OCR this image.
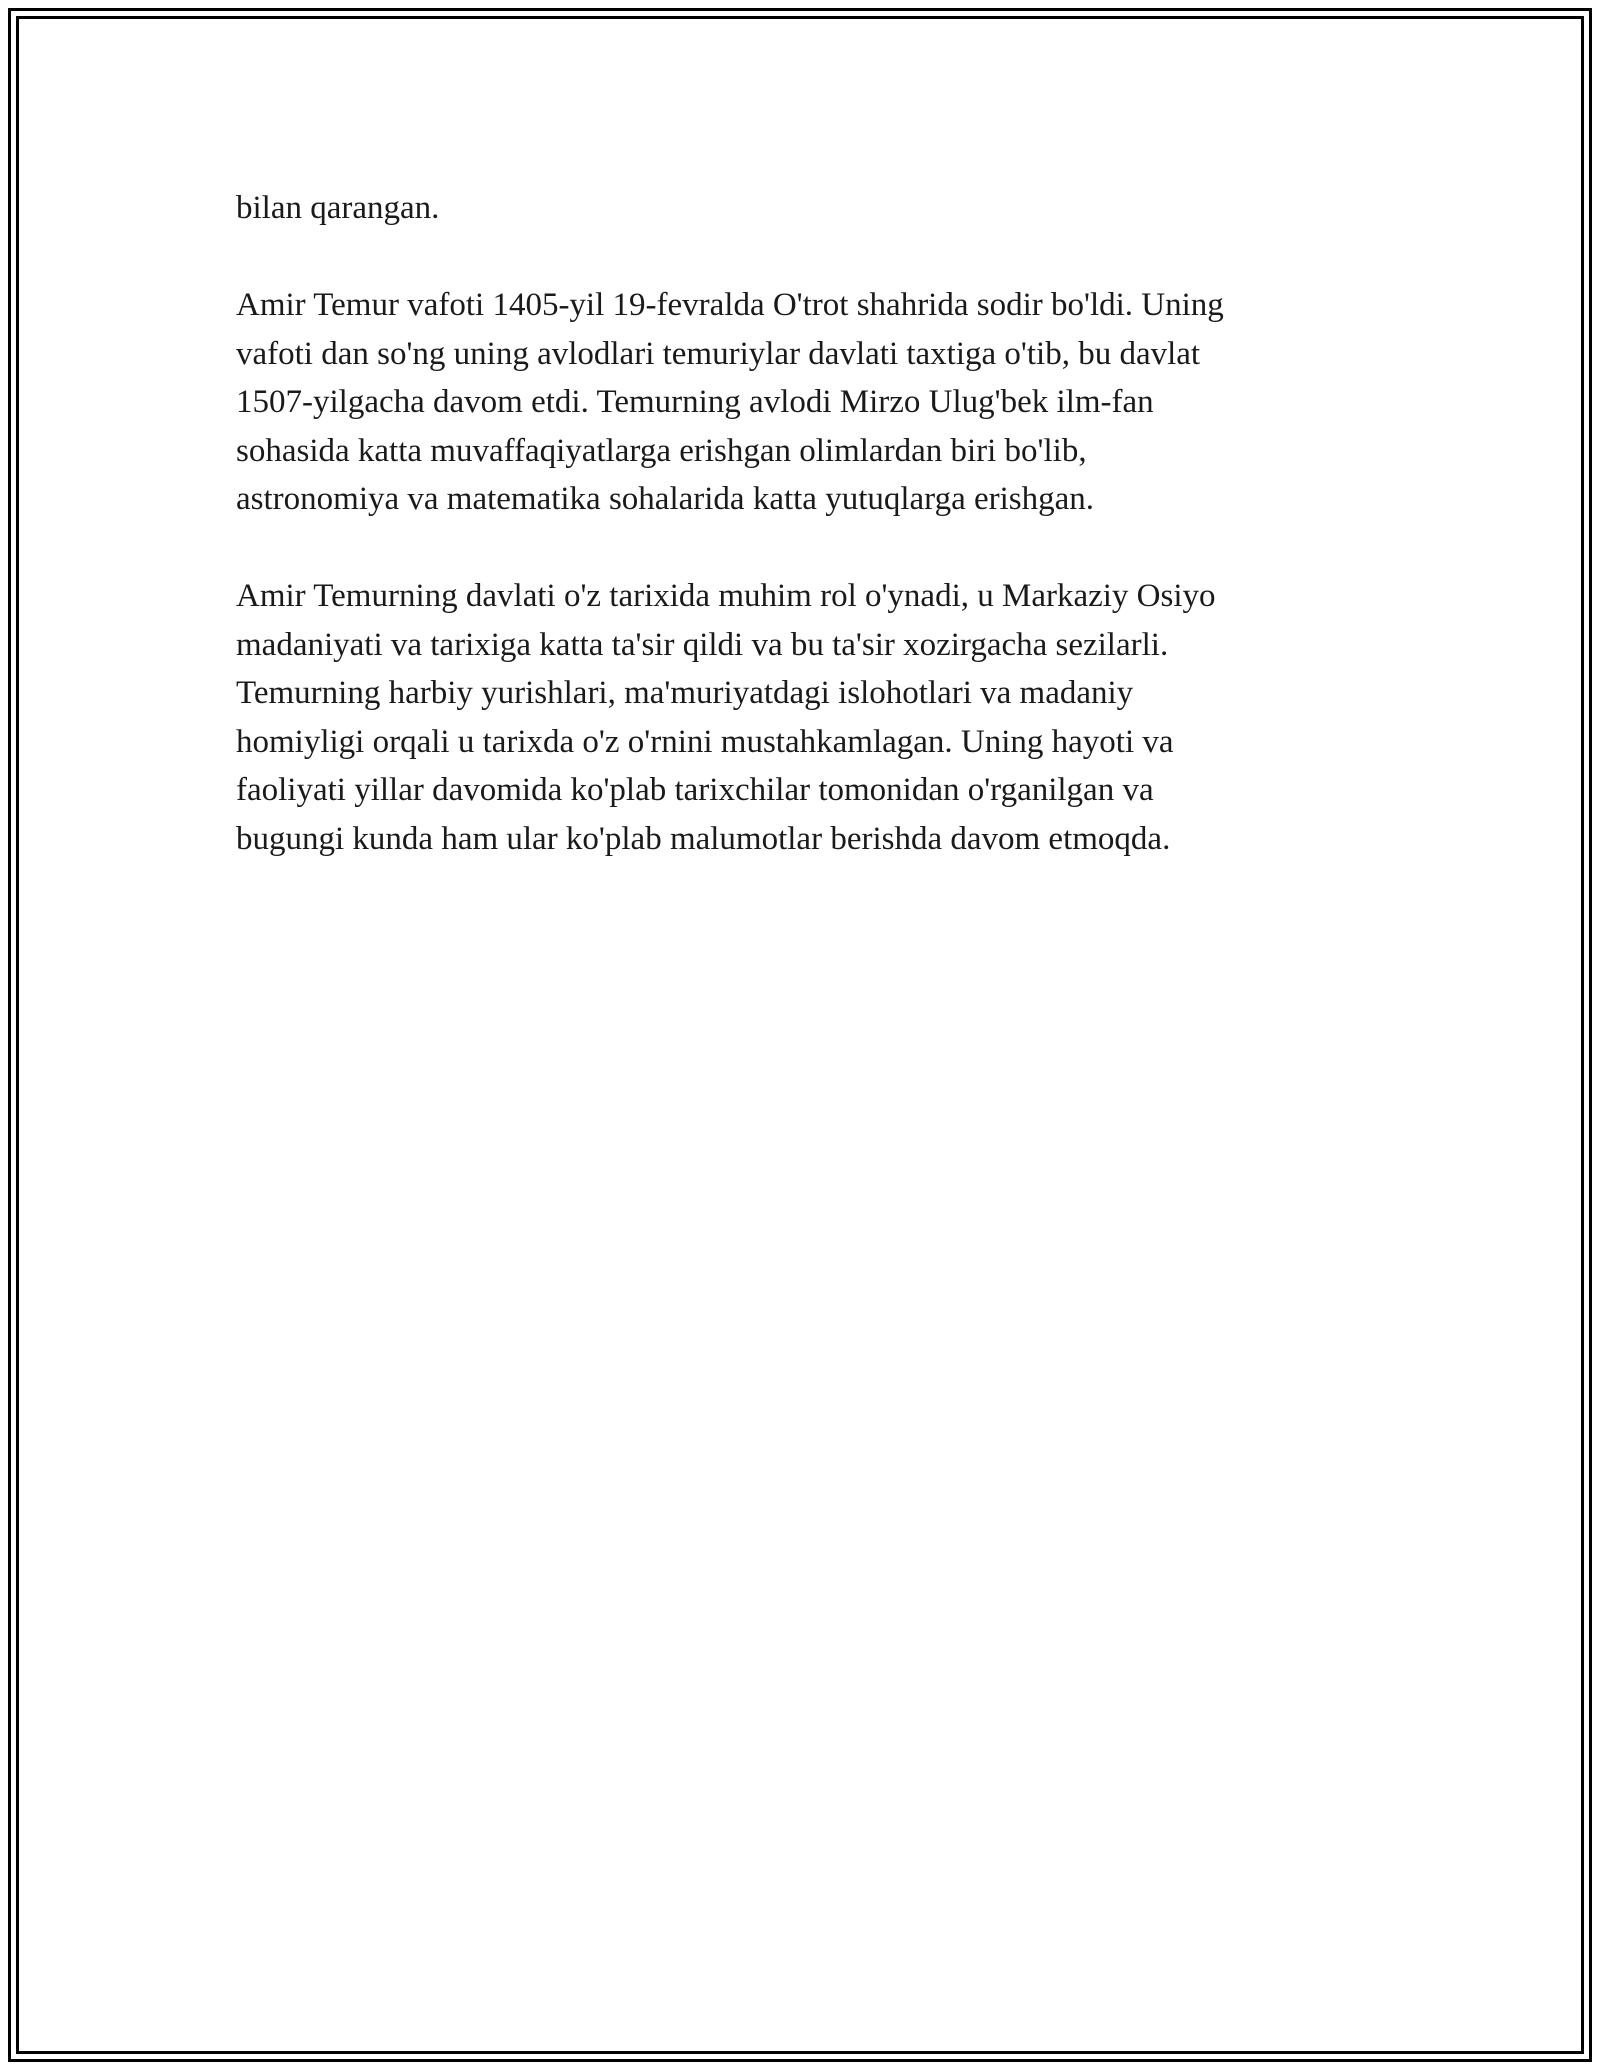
bilan qarangan.

Amir Temur vafoti 1405-yil 19-fevralda O'trot shahrida sodir bo'ldi. Uning
vafoti dan so'ng uning avlodlari temuriylar davlati taxtiga o'tib, bu davlat
1507-yilgacha davom etdi. Temurning avlodi Mirzo Ulug'bek ilm-fan
sohasida katta muvaffaqiyatlarga erishgan olimlardan biri bo'lib,
astronomiya va matematika sohalarida katta yutuqlarga erishgan.

Amir Temurning davlati o'z tarixida muhim rol o'ynadi, u Markaziy Osiyo
madaniyati va tarixiga katta ta'sir qildi va bu ta'sir xozirgacha sezilarli.
Temurning harbiy yurishlari, ma'muriyatdagi islohotlari va madaniy
homiyligi orqali u tarixda o'z o'rnini mustahkamlagan. Uning hayoti va
faoliyati yillar davomida ko'plab tarixchilar tomonidan o'rganilgan va
bugungi kunda ham ular ko'plab malumotlar berishda davom etmoqda.
